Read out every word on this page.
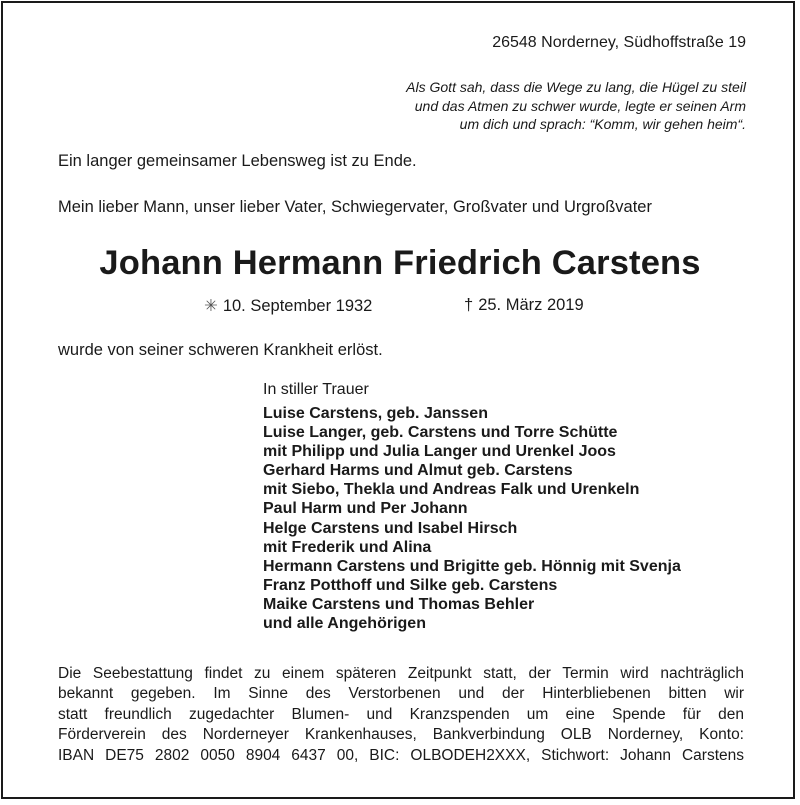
26548 Norderney, Südhoffstraße 19
Als Gott sah, dass die Wege zu lang, die Hügel zu steil
und das Atmen zu schwer wurde, legte er seinen Arm
um dich und sprach: “Komm, wir gehen heim“.
Ein langer gemeinsamer Lebensweg ist zu Ende.
Mein lieber Mann, unser lieber Vater, Schwiegervater, Großvater und Urgroßvater
Johann Hermann Friedrich Carstens
✳ 10. September 1932	† 25. März 2019
wurde von seiner schweren Krankheit erlöst.
In stiller Trauer
Luise Carstens, geb. Janssen
Luise Langer, geb. Carstens und Torre Schütte
mit Philipp und Julia Langer und Urenkel Joos
Gerhard Harms und Almut geb. Carstens
mit Siebo, Thekla und Andreas Falk und Urenkeln
Paul Harm und Per Johann
Helge Carstens und Isabel Hirsch
mit Frederik und Alina
Hermann Carstens und Brigitte geb. Hönnig mit Svenja
Franz Potthoff und Silke geb. Carstens
Maike Carstens und Thomas Behler
und alle Angehörigen
Die Seebestattung findet zu einem späteren Zeitpunkt statt, der Termin wird nachträglich
bekannt gegeben. Im Sinne des Verstorbenen und der Hinterbliebenen bitten wir
statt freundlich zugedachter Blumen- und Kranzspenden um eine Spende für den
Förderverein des Norderneyer Krankenhauses, Bankverbindung OLB Norderney, Konto:
IBAN DE75 2802 0050 8904 6437 00, BIC: OLBODEH2XXX, Stichwort: Johann Carstens
